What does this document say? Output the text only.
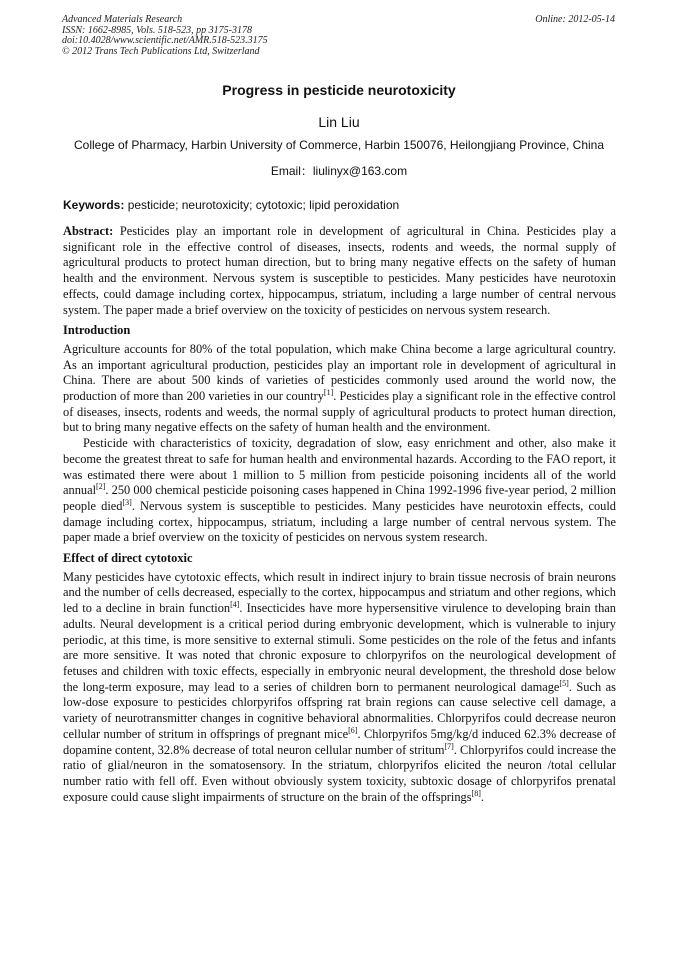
Advanced Materials Research
ISSN: 1662-8985, Vols. 518-523, pp 3175-3178
doi:10.4028/www.scientific.net/AMR.518-523.3175
© 2012 Trans Tech Publications Ltd, Switzerland
Online: 2012-05-14
Progress in pesticide neurotoxicity
Lin Liu
College of Pharmacy, Harbin University of Commerce, Harbin 150076, Heilongjiang Province, China
Email：liulinyx@163.com
Keywords: pesticide; neurotoxicity; cytotoxic; lipid peroxidation

Abstract: Pesticides play an important role in development of agricultural in China. Pesticides play a significant role in the effective control of diseases, insects, rodents and weeds, the normal supply of agricultural products to protect human direction, but to bring many negative effects on the safety of human health and the environment. Nervous system is susceptible to pesticides. Many pesticides have neurotoxin effects, could damage including cortex, hippocampus, striatum, including a large number of central nervous system. The paper made a brief overview on the toxicity of pesticides on nervous system research.

Introduction

Agriculture accounts for 80% of the total population, which make China become a large agricultural country. As an important agricultural production, pesticides play an important role in development of agricultural in China. There are about 500 kinds of varieties of pesticides commonly used around the world now, the production of more than 200 varieties in our country[1]. Pesticides play a significant role in the effective control of diseases, insects, rodents and weeds, the normal supply of agricultural products to protect human direction, but to bring many negative effects on the safety of human health and the environment.

Pesticide with characteristics of toxicity, degradation of slow, easy enrichment and other, also make it become the greatest threat to safe for human health and environmental hazards. According to the FAO report, it was estimated there were about 1 million to 5 million from pesticide poisoning incidents all of the world annual[2]. 250 000 chemical pesticide poisoning cases happened in China 1992-1996 five-year period, 2 million people died[3]. Nervous system is susceptible to pesticides. Many pesticides have neurotoxin effects, could damage including cortex, hippocampus, striatum, including a large number of central nervous system. The paper made a brief overview on the toxicity of pesticides on nervous system research.

Effect of direct cytotoxic

Many pesticides have cytotoxic effects, which result in indirect injury to brain tissue necrosis of brain neurons and the number of cells decreased, especially to the cortex, hippocampus and striatum and other regions, which led to a decline in brain function[4]. Insecticides have more hypersensitive virulence to developing brain than adults. Neural development is a critical period during embryonic development, which is vulnerable to injury periodic, at this time, is more sensitive to external stimuli. Some pesticides on the role of the fetus and infants are more sensitive. It was noted that chronic exposure to chlorpyrifos on the neurological development of fetuses and children with toxic effects, especially in embryonic neural development, the threshold dose below the long-term exposure, may lead to a series of children born to permanent neurological damage[5]. Such as low-dose exposure to pesticides chlorpyrifos offspring rat brain regions can cause selective cell damage, a variety of neurotransmitter changes in cognitive behavioral abnormalities. Chlorpyrifos could decrease neuron cellular number of stritum in offsprings of pregnant mice[6]. Chlorpyrifos 5mg/kg/d induced 62.3% decrease of dopamine content, 32.8% decrease of total neuron cellular number of stritum[7]. Chlorpyrifos could increase the ratio of glial/neuron in the somatosensory. In the striatum, chlorpyrifos elicited the neuron /total cellular number ratio with fell off. Even without obviously system toxicity, subtoxic dosage of chlorpyrifos prenatal exposure could cause slight impairments of structure on the brain of the offsprings[8].
